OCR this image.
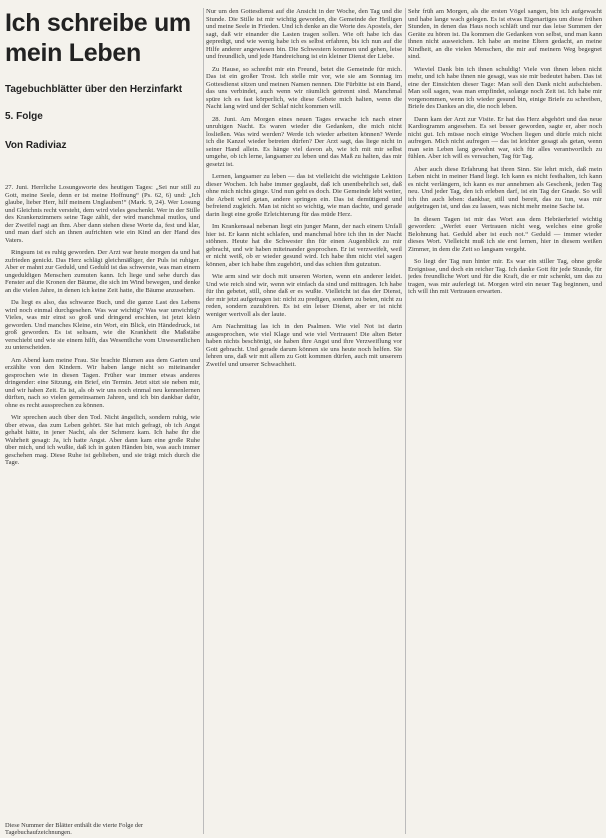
Ich schreibe um mein Leben
Tagebuchblätter über den Herzinfarkt
5. Folge
Von Radiviaz

27. Juni. Herrliche Losungsworte des heutigen Tages: „Sei nur still zu Gott, meine Seele, denn er ist meine Hoffnung“ (Ps. 62, 6) und: „Ich glaube, lieber Herr, hilf meinem Unglauben!“ (Mark. 9, 24). Wer Losung und Gleichnis recht versteht, dem wird vieles geschenkt. Wer in der Stille des Krankenzimmers seine Tage zählt, der wird manchmal mutlos, und der Zweifel nagt an ihm. Aber dann stehen diese Worte da, fest und klar, und man darf sich an ihnen aufrichten wie ein Kind an der Hand des Vaters.

Ringsum ist es ruhig geworden. Der Arzt war heute morgen da und hat zufrieden genickt. Das Herz schlägt gleichmäßiger, der Puls ist ruhiger. Aber er mahnt zur Geduld, und Geduld ist das schwerste, was man einem ungeduldigen Menschen zumuten kann. Ich liege und sehe durch das Fenster auf die Kronen der Bäume, die sich im Wind bewegen, und denke an die vielen Jahre, in denen ich keine Zeit hatte, die Bäume anzusehen.

Da liegt es also, das schwarze Buch, und die ganze Last des Lebens wird noch einmal durchgesehen. Was war wichtig? Was war unwichtig? Vieles, was mir einst so groß und dringend erschien, ist jetzt klein geworden. Und manches Kleine, ein Wort, ein Blick, ein Händedruck, ist groß geworden. Es ist seltsam, wie die Krankheit die Maßstäbe verschiebt und wie sie einem hilft, das Wesentliche vom Unwesentlichen zu unterscheiden.

Am Abend kam meine Frau. Sie brachte Blumen aus dem Garten und erzählte von den Kindern. Wir haben lange nicht so miteinander gesprochen wie in diesen Tagen. Früher war immer etwas anderes dringender: eine Sitzung, ein Brief, ein Termin. Jetzt sitzt sie neben mir, und wir haben Zeit. Es ist, als ob wir uns noch einmal neu kennenlernen dürften, nach so vielen gemeinsamen Jahren, und ich bin dankbar dafür, ohne es recht aussprechen zu können.

Wir sprechen auch über den Tod. Nicht ängstlich, sondern ruhig, wie über etwas, das zum Leben gehört. Sie hat mich gefragt, ob ich Angst gehabt hätte, in jener Nacht, als der Schmerz kam. Ich habe ihr die Wahrheit gesagt: Ja, ich hatte Angst. Aber dann kam eine große Ruhe über mich, und ich wußte, daß ich in guten Händen bin, was auch immer geschehen mag. Diese Ruhe ist geblieben, und sie trägt mich durch die Tage.

Nur um den Gottesdienst auf die Ansicht in der Woche, den Tag und die Stunde. Die Stille ist mir wichtig geworden, die Gemeinde der Heiligen und meine Seele in Frieden. Und ich denke an die Worte des Apostels, der sagt, daß wir einander die Lasten tragen sollen. Wie oft habe ich das gepredigt, und wie wenig habe ich es selbst erfahren, bis ich nun auf die Hilfe anderer angewiesen bin. Die Schwestern kommen und gehen, leise und freundlich, und jede Handreichung ist ein kleiner Dienst der Liebe.

Zu Hause, so schreibt mir ein Freund, betet die Gemeinde für mich. Das ist ein großer Trost. Ich stelle mir vor, wie sie am Sonntag im Gottesdienst sitzen und meinen Namen nennen. Die Fürbitte ist ein Band, das uns verbindet, auch wenn wir räumlich getrennt sind. Manchmal spüre ich es fast körperlich, wie diese Gebete mich halten, wenn die Nacht lang wird und der Schlaf nicht kommen will.

28. Juni. Am Morgen eines neuen Tages erwache ich nach einer unruhigen Nacht. Es waren wieder die Gedanken, die mich nicht losließen. Was wird werden? Werde ich wieder arbeiten können? Werde ich die Kanzel wieder betreten dürfen? Der Arzt sagt, das liege nicht in seiner Hand allein. Es hänge viel davon ab, wie ich mit mir selbst umgehe, ob ich lerne, langsamer zu leben und das Maß zu halten, das mir gesetzt ist.

Lernen, langsamer zu leben — das ist vielleicht die wichtigste Lektion dieser Wochen. Ich habe immer geglaubt, daß ich unentbehrlich sei, daß ohne mich nichts ginge. Und nun geht es doch. Die Gemeinde lebt weiter, die Arbeit wird getan, andere springen ein. Das ist demütigend und befreiend zugleich. Man ist nicht so wichtig, wie man dachte, und gerade darin liegt eine große Erleichterung für das müde Herz.

Im Krankensaal nebenan liegt ein junger Mann, der nach einem Unfall hier ist. Er kann nicht schlafen, und manchmal höre ich ihn in der Nacht stöhnen. Heute hat die Schwester ihn für einen Augenblick zu mir gebracht, und wir haben miteinander gesprochen. Er ist verzweifelt, weil er nicht weiß, ob er wieder gesund wird. Ich habe ihm nicht viel sagen können, aber ich habe ihm zugehört, und das schien ihm gutzutun.

Wie arm sind wir doch mit unseren Worten, wenn ein anderer leidet. Und wie reich sind wir, wenn wir einfach da sind und mittragen. Ich habe für ihn gebetet, still, ohne daß er es wußte. Vielleicht ist das der Dienst, der mir jetzt aufgetragen ist: nicht zu predigen, sondern zu beten, nicht zu reden, sondern zuzuhören. Es ist ein leiser Dienst, aber er ist nicht weniger wertvoll als der laute.

Am Nachmittag las ich in den Psalmen. Wie viel Not ist darin ausgesprochen, wie viel Klage und wie viel Vertrauen! Die alten Beter haben nichts beschönigt, sie haben ihre Angst und ihre Verzweiflung vor Gott gebracht. Und gerade darum können sie uns heute noch helfen. Sie lehren uns, daß wir mit allem zu Gott kommen dürfen, auch mit unserem Zweifel und unserer Schwachheit.

Sehr früh am Morgen, als die ersten Vögel sangen, bin ich aufgewacht und habe lange wach gelegen. Es ist etwas Eigenartiges um diese frühen Stunden, in denen das Haus noch schläft und nur das leise Summen der Geräte zu hören ist. Da kommen die Gedanken von selbst, und man kann ihnen nicht ausweichen. Ich habe an meine Eltern gedacht, an meine Kindheit, an die vielen Menschen, die mir auf meinem Weg begegnet sind.

Wieviel Dank bin ich ihnen schuldig! Viele von ihnen leben nicht mehr, und ich habe ihnen nie gesagt, was sie mir bedeutet haben. Das ist eine der Einsichten dieser Tage: Man soll den Dank nicht aufschieben. Man soll sagen, was man empfindet, solange noch Zeit ist. Ich habe mir vorgenommen, wenn ich wieder gesund bin, einige Briefe zu schreiben, Briefe des Dankes an die, die noch leben.

Dann kam der Arzt zur Visite. Er hat das Herz abgehört und das neue Kardiogramm angesehen. Es sei besser geworden, sagte er, aber noch nicht gut. Ich müsse noch einige Wochen liegen und dürfe mich nicht aufregen. Mich nicht aufregen — das ist leichter gesagt als getan, wenn man sein Leben lang gewohnt war, sich für alles verantwortlich zu fühlen. Aber ich will es versuchen, Tag für Tag.

Aber auch diese Erfahrung hat ihren Sinn. Sie lehrt mich, daß mein Leben nicht in meiner Hand liegt. Ich kann es nicht festhalten, ich kann es nicht verlängern, ich kann es nur annehmen als Geschenk, jeden Tag neu. Und jeder Tag, den ich erleben darf, ist ein Tag der Gnade. So will ich ihn auch leben: dankbar, still und bereit, das zu tun, was mir aufgetragen ist, und das zu lassen, was nicht mehr meine Sache ist.

In diesen Tagen ist mir das Wort aus dem Hebräerbrief wichtig geworden: „Werfet euer Vertrauen nicht weg, welches eine große Belohnung hat. Geduld aber ist euch not.“ Geduld — immer wieder dieses Wort. Vielleicht muß ich sie erst lernen, hier in diesem weißen Zimmer, in dem die Zeit so langsam vergeht.

So liegt der Tag nun hinter mir. Es war ein stiller Tag, ohne große Ereignisse, und doch ein reicher Tag. Ich danke Gott für jede Stunde, für jedes freundliche Wort und für die Kraft, die er mir schenkt, um das zu tragen, was mir auferlegt ist. Morgen wird ein neuer Tag beginnen, und ich will ihn mit Vertrauen erwarten.

Diese Nummer der Blätter enthält die vierte Folge der Tagebuchaufzeichnungen.
